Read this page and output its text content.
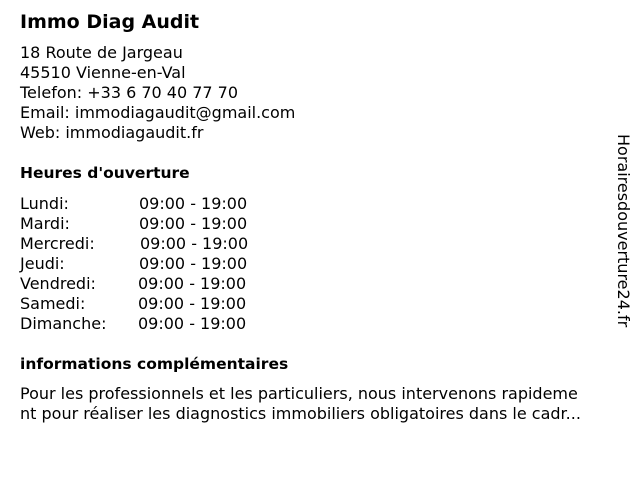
Immo Diag Audit
18 Route de Jargeau
45510 Vienne-en-Val
Telefon: +33 6 70 40 77 70
Email: immodiagaudit@gmail.com
Web: immodiagaudit.fr
Heures d'ouverture
Lundi:	09:00 - 19:00
Mardi:	09:00 - 19:00
Mercredi:	09:00 - 19:00
Jeudi:	09:00 - 19:00
Vendredi:	09:00 - 19:00
Samedi:	09:00 - 19:00
Dimanche: 09:00 - 19:00
informations complémentaires
Pour les professionnels et les particuliers, nous intervenons rapideme
nt pour réaliser les diagnostics immobiliers obligatoires dans le cadr...
Horairesdouverture24.fr
